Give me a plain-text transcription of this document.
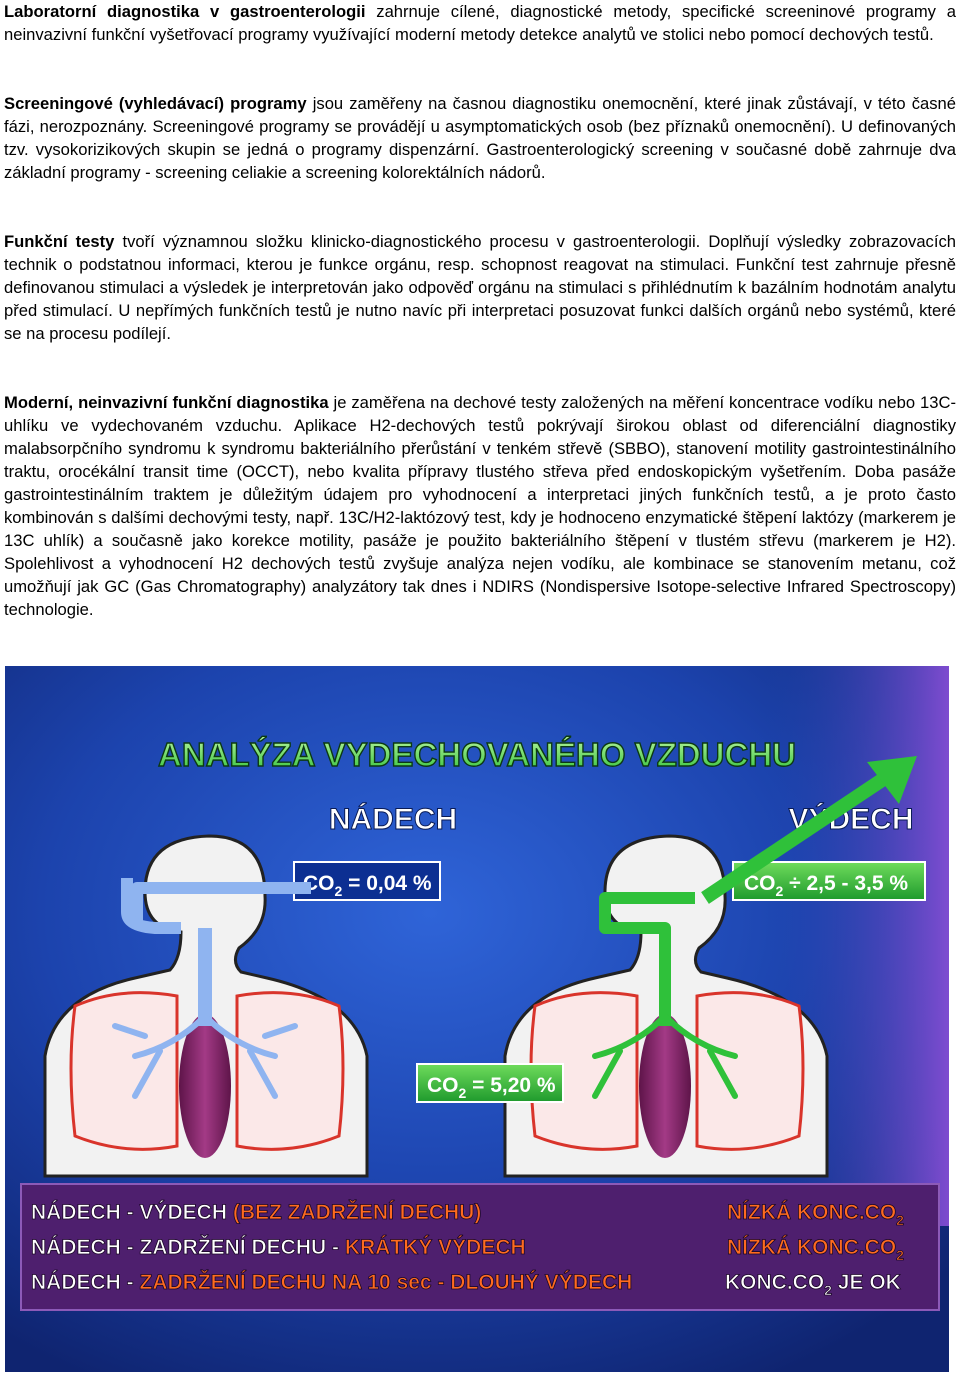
Laboratorní diagnostika v gastroenterologii zahrnuje cílené, diagnostické metody, specifické screeninové programy a neinvazivní funkční vyšetřovací programy využívající moderní metody detekce analytů ve stolici nebo pomocí dechových testů.
Screeningové (vyhledávací) programy jsou zaměřeny na časnou diagnostiku onemocnění, které jinak zůstávají, v této časné fázi, nerozpoznány. Screeningové programy se provádějí u asymptomatických osob (bez příznaků onemocnění). U definovaných tzv. vysokorizikových skupin se jedná o programy dispenzární. Gastroenterologický screening v současné době zahrnuje dva základní programy - screening celiakie a screening kolorektálních nádorů.
Funkční testy tvoří významnou složku klinicko-diagnostického procesu v gastroenterologii. Doplňují výsledky zobrazovacích technik o podstatnou informaci, kterou je funkce orgánu, resp. schopnost reagovat na stimulaci. Funkční test zahrnuje přesně definovanou stimulaci a výsledek je interpretován jako odpověď orgánu na stimulaci s přihlédnutím k bazálním hodnotám analytu před stimulací. U nepřímých funkčních testů je nutno navíc při interpretaci posuzovat funkci dalších orgánů nebo systémů, které se na procesu podílejí.
Moderní, neinvazivní funkční diagnostika je zaměřena na dechové testy založených na měření koncentrace vodíku nebo 13C-uhlíku ve vydechovaném vzduchu. Aplikace H2-dechových testů pokrývají širokou oblast od diferenciální diagnostiky malabsorpčního syndromu k syndromu bakteriálního přerůstání v tenkém střevě (SBBO), stanovení motility gastrointestinálního traktu, orocékální transit time (OCCT), nebo kvalita přípravy tlustého střeva před endoskopickým vyšetřením. Doba pasáže gastrointestinálním traktem je důležitým údajem pro vyhodnocení a interpretaci jiných funkčních testů, a je proto často kombinován s dalšími dechovými testy, např. 13C/H2-laktózový test, kdy je hodnoceno enzymatické štěpení laktózy (markerem je 13C uhlík) a současně jako korekce motility, pasáže je použito bakteriálního štěpení v tlustém střevu (markerem je H2). Spolehlivost a vyhodnocení H2 dechových testů zvyšuje analýza nejen vodíku, ale kombinace se stanovením metanu, což umožňují jak GC (Gas Chromatography) analyzátory tak dnes i NDIRS (Nondispersive Isotope-selective Infrared Spectroscopy) technologie.
ANALÝZA VYDECHOVANÉHO VZDUCHU
NÁDECH	VÝDECH
$CO_2 = 0,04$ %	$CO_2 \div 2,5 - 3,5$ %
$CO_2 = 5,20$ %
NÁDECH - VÝDECH (BEZ ZADRŽENÍ DECHU)
NÁDECH - ZADRŽENÍ DECHU - KRÁTKÝ VÝDECH
NÁDECH - ZADRŽENÍ DECHU NA 10 sec - DLOUHÝ VÝDECH
NÍZKÁ $KONC.CO_2$
NÍZKÁ $KONC.CO_2$
$KONC.CO_2$ JE OK
